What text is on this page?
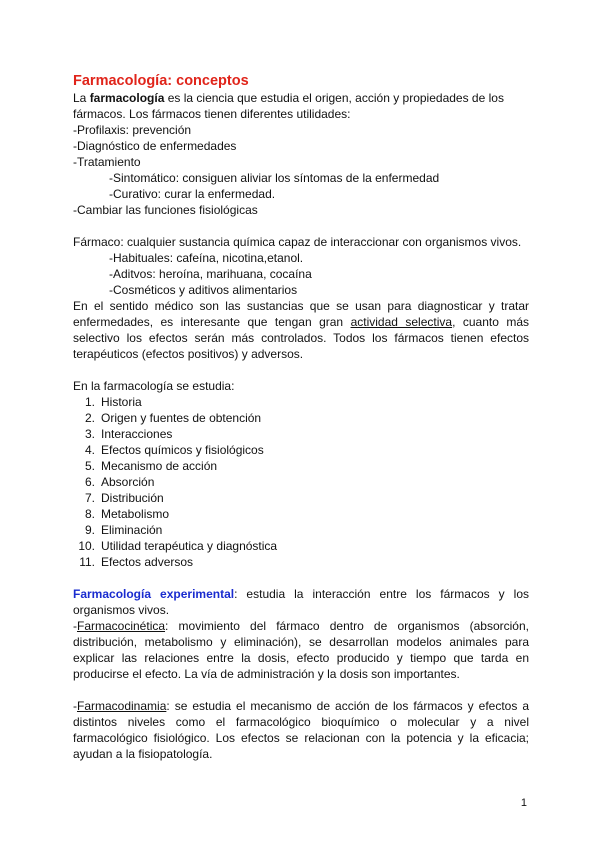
Farmacología: conceptos

La farmacología es la ciencia que estudia el origen, acción y propiedades de los

fármacos. Los fármacos tienen diferentes utilidades:

-Profilaxis: prevención

-Diagnóstico de enfermedades

-Tratamiento

-Sintomático: consiguen aliviar los síntomas de la enfermedad

-Curativo: curar la enfermedad.

-Cambiar las funciones fisiológicas

Fármaco: cualquier sustancia química capaz de interaccionar con organismos vivos.

-Habituales: cafeína, nicotina,etanol.

-Aditvos: heroína, marihuana, cocaína

-Cosméticos y aditivos alimentarios

En el sentido médico son las sustancias que se usan para diagnosticar y tratar enfermedades, es interesante que tengan gran actividad selectiva, cuanto más selectivo los efectos serán más controlados. Todos los fármacos tienen efectos terapéuticos (efectos positivos) y adversos.

En la farmacología se estudia:

1. Historia
2. Origen y fuentes de obtención
3. Interacciones
4. Efectos químicos y fisiológicos
5. Mecanismo de acción
6. Absorción
7. Distribución
8. Metabolismo
9. Eliminación
10. Utilidad terapéutica y diagnóstica
11. Efectos adversos

Farmacología experimental: estudia la interacción entre los fármacos y los organismos vivos.

-Farmacocinética: movimiento del fármaco dentro de organismos (absorción, distribución, metabolismo y eliminación), se desarrollan modelos animales para explicar las relaciones entre la dosis, efecto producido y tiempo que tarda en producirse el efecto. La vía de administración y la dosis son importantes.

-Farmacodinamia: se estudia el mecanismo de acción de los fármacos y efectos a distintos niveles como el farmacológico bioquímico o molecular y a nivel farmacológico fisiológico. Los efectos se relacionan con la potencia y la eficacia; ayudan a la fisiopatología.

1
